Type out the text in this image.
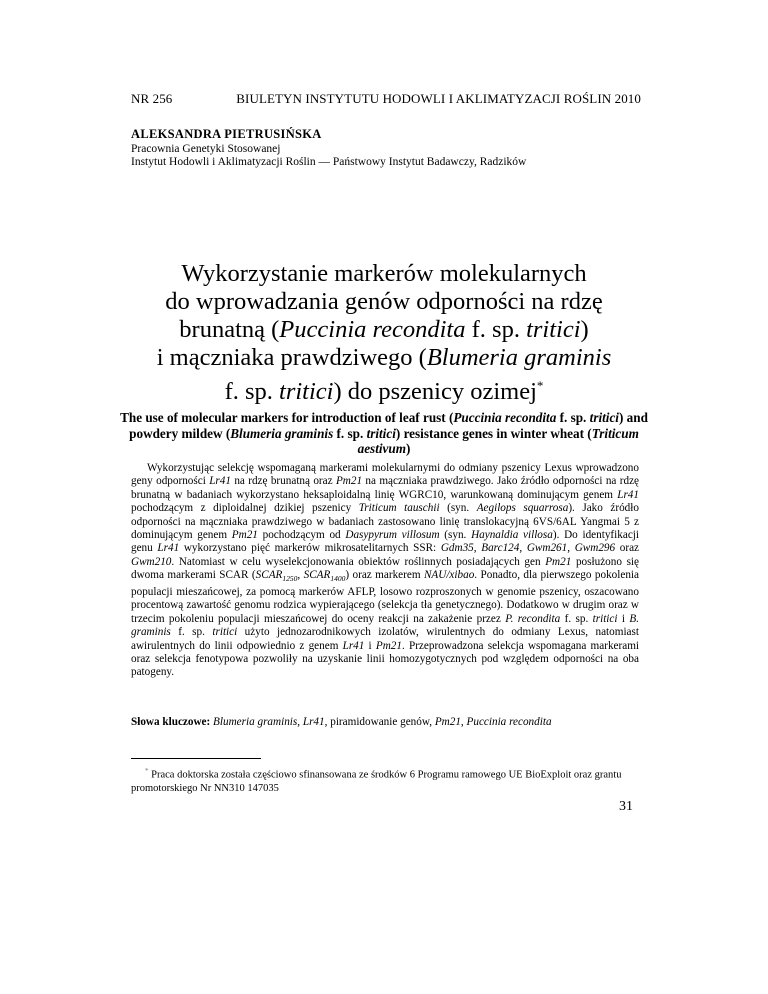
NR 256	BIULETYN INSTYTUTU HODOWLI I AKLIMATYZACJI ROŚLIN 2010
ALEKSANDRA PIETRUSIŃSKA
Pracownia Genetyki Stosowanej
Instytut Hodowli i Aklimatyzacji Roślin — Państwowy Instytut Badawczy, Radzików
Wykorzystanie markerów molekularnych
do wprowadzania genów odporności na rdzę
brunatną (Puccinia recondita f. sp. tritici)
i mączniaka prawdziwego (Blumeria graminis
f. sp. tritici) do pszenicy ozimej*
The use of molecular markers for introduction of leaf rust (Puccinia recondita f. sp. tritici) and powdery mildew (Blumeria graminis f. sp. tritici) resistance genes in winter wheat (Triticum aestivum)

Wykorzystując selekcję wspomaganą markerami molekularnymi do odmiany pszenicy Lexus wprowadzono geny odporności Lr41 na rdzę brunatną oraz Pm21 na mączniaka prawdziwego. Jako źródło odporności na rdzę brunatną w badaniach wykorzystano heksaploidalną linię WGRC10, warunkowaną dominującym genem Lr41 pochodzącym z diploidalnej dzikiej pszenicy Triticum tauschii (syn. Aegilops squarrosa). Jako źródło odporności na mączniaka prawdziwego w badaniach zastosowano linię translokacyjną 6VS/6AL Yangmai 5 z dominującym genem Pm21 pochodzącym od Dasypyrum villosum (syn. Haynaldia villosa). Do identyfikacji genu Lr41 wykorzystano pięć markerów mikrosatelitarnych SSR: Gdm35, Barc124, Gwm261, Gwm296 oraz Gwm210. Natomiast w celu wyselekcjonowania obiektów roślinnych posiadających gen Pm21 posłużono się dwoma markerami SCAR ($SCAR_{1250}$, $SCAR_{1400}$) oraz markerem NAU/xibao. Ponadto, dla pierwszego pokolenia populacji mieszańcowej, za pomocą markerów AFLP, losowo rozproszonych w genomie pszenicy, oszacowano procentową zawartość genomu rodzica wypierającego (selekcja tła genetycznego). Dodatkowo w drugim oraz w trzecim pokoleniu populacji mieszańcowej do oceny reakcji na zakażenie przez P. recondita f. sp. tritici i B. graminis f. sp. tritici użyto jednozarodnikowych izolatów, wirulentnych do odmiany Lexus, natomiast awirulentnych do linii odpowiednio z genem Lr41 i Pm21. Przeprowadzona selekcja wspomagana markerami oraz selekcja fenotypowa pozwoliły na uzyskanie linii homozygotycznych pod względem odporności na oba patogeny.

Słowa kluczowe: Blumeria graminis, Lr41, piramidowanie genów, Pm21, Puccinia recondita

* Praca doktorska została częściowo sfinansowana ze środków 6 Programu ramowego UE BioExploit oraz grantu promotorskiego Nr NN310 147035

31
